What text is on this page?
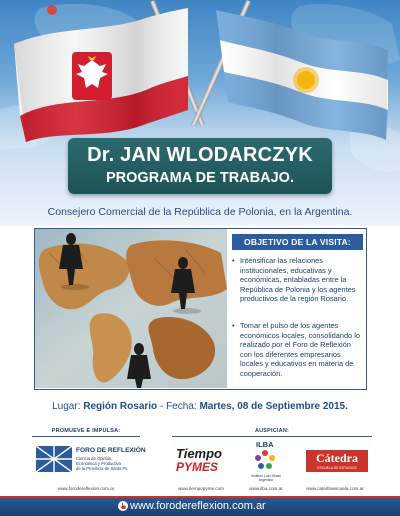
Dr. JAN WLODARCZYK
PROGRAMA DE TRABAJO.
Consejero Comercial de la República de Polonia, en la Argentina.
OBJETIVO DE LA VISITA:
• Intensificar las relaciones institucionales, educativas y económicas, entabladas entre la República de Polonia y los agentes productivos de la región Rosario.
• Tomar el pulso de los agentes económicos locales, consolidando lo realizado por el Foro de Reflexión con los diferentes empresarios locales y educativos en materia de cooperación.
Lugar: Región Rosario - Fecha: Martes, 08 de Septiembre 2015.
PROMUEVE E IMPULSA:	AUSPICIAN:
FORO DE REFLEXIÓN
Ciencia de Opinión,
Económica y Productiva
de la Provincia de Santa Fe
www.forodereflexion.com.ar
Tiempo
PYMES
www.tiempopyme.com
ILBA
Instituto Luso Brasil Argentino
www.ilba.com.ar
Cátedra
ESCUELA DE ESTUDIOS
www.catedraescuela.com.ar
www.forodereflexion.com.ar
